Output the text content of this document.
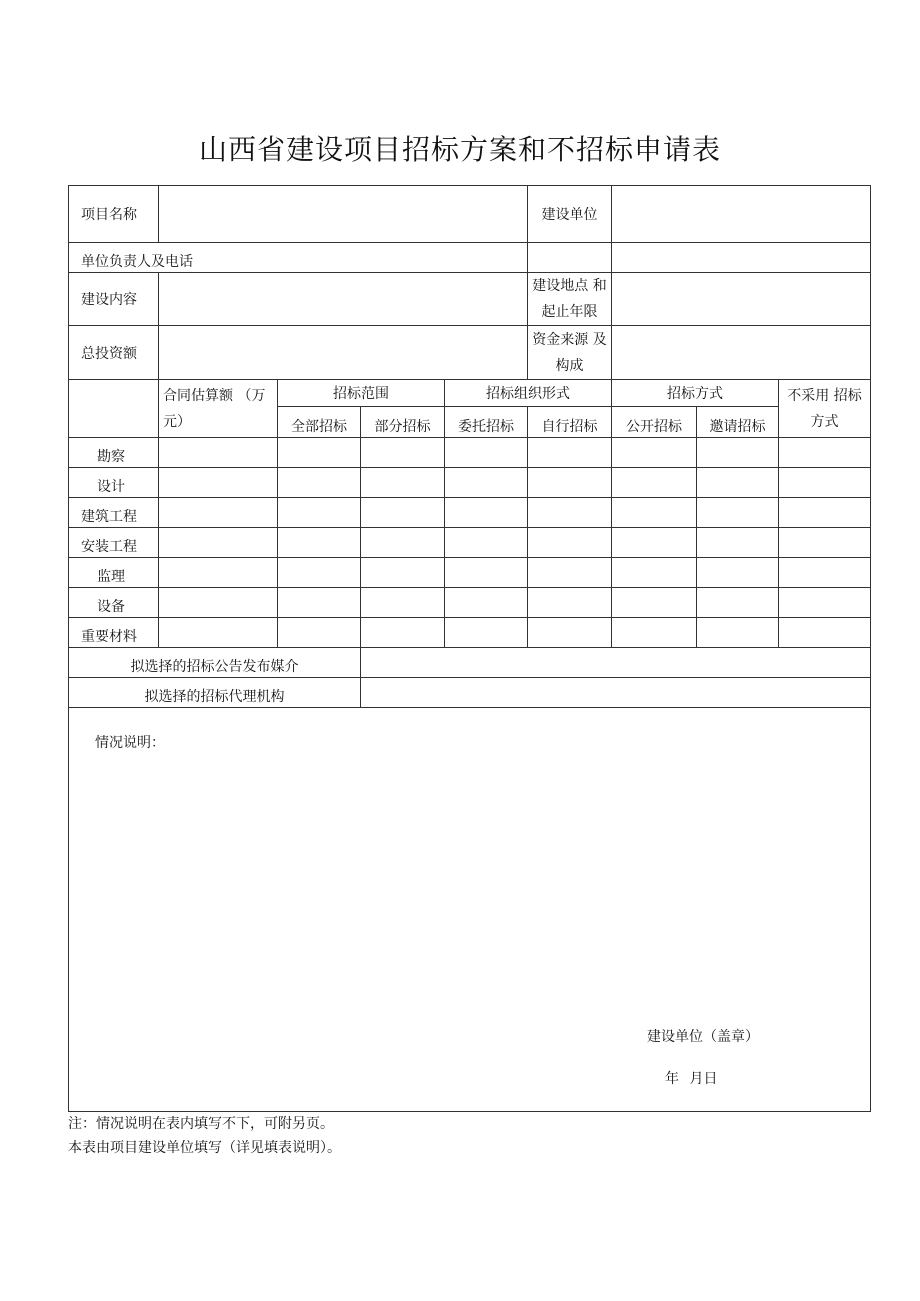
山西省建设项目招标方案和不招标申请表
项目名称					建设单位			
单位负责人及电话								
建设内容					建设地点 和起止年限			
总投资额					资金来源 及构成			
	合同估算额 （万元）	招标范围		招标组织形式		招标方式		不采用 招标方式
		全部招标	部分招标	委托招标	自行招标	公开招标	邀请招标	
勘察								
设计								
建筑工程								
安装工程								
监理								
设备								
重要材料								
拟选择的招标公告发布媒介								
拟选择的招标代理机构								

情况说明：
建设单位（盖章）
年 月日								
注：情况说明在表内填写不下，可附另页。
本表由项目建设单位填写（详见填表说明）。
